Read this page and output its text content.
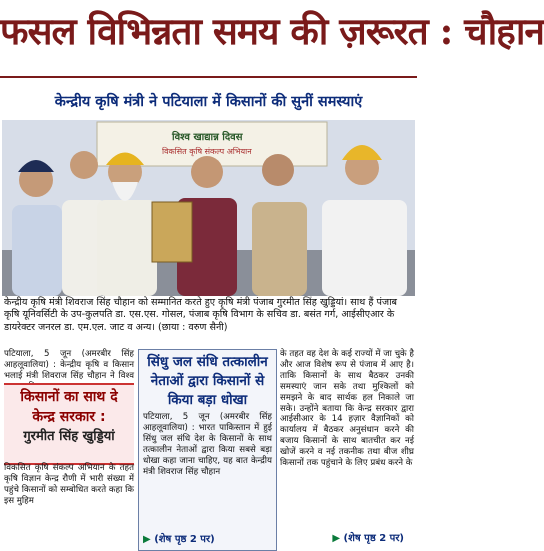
फसल विभिन्नता समय की ज़रूरत : चौहान
केन्द्रीय कृषि मंत्री ने पटियाला में किसानों की सुनीं समस्याएं
विश्व खाद्यान्न दिवस
विकसित कृषि संकल्प अभियान
केन्द्रीय कृषि मंत्री शिवराज सिंह चौहान को सम्मानित करते हुए कृषि मंत्री पंजाब गुरमीत सिंह खुड्डियां। साथ हैं पंजाब कृषि यूनिवर्सिटी के उप-कुलपति डा. एस.एस. गोसल, पंजाब कृषि विभाग के सचिव डा. बसंत गर्ग, आईसीएआर के डायरेक्टर जनरल डा. एम.एल. जाट व अन्य। (छाया : वरुण सैनी)

पटियाला, 5 जून (अमरबीर सिंह आहलूवालिया) : केन्द्रीय कृषि व किसान भलाई मंत्री शिवराज सिंह चौहान ने विश्व

किसानों का साथ दे
केन्द्र सरकार :
गुरमीत सिंह खुड्डियां

विकसित कृषि संकल्प अभियान के तहत कृषि विज्ञान केन्द्र रौणी में भारी संख्या में पहुंचे किसानों को सम्बोधित करते कहा कि इस मुहिम

सिंधु जल संधि तत्कालीन नेताओं द्वारा किसानों से किया बड़ा धोखा

पटियाला, 5 जून (अमरबीर सिंह आहलूवालिया) : भारत पाकिस्तान में हुई सिंधु जल संधि देश के किसानों के साथ तत्कालीन नेताओं द्वारा किया सबसे बड़ा धोखा कहा जाना चाहिए, यह बात केन्द्रीय मंत्री शिवराज सिंह चौहान

▶ (शेष पृष्ठ 2 पर)

के तहत वह देश के कई राज्यों में जा चुके है और आज विशेष रूप से पंजाब में आए है। ताकि किसानों के साथ बैठकर उनकी समस्याएं जान सके तथा मुश्किलों को समझने के बाद सार्थक हल निकाले जा सके। उन्होंने बताया कि केन्द्र सरकार द्वारा आईसीआर के 14 हज़ार वैज्ञानिकों को कार्यालय में बैठकर अनुसंधान करने की बजाय किसानों के साथ बातचीत कर नई खोजें करने व नई तकनीक तथा बीज शीघ्र किसानों तक पहुंचाने के लिए प्रबंध करने के

▶ (शेष पृष्ठ 2 पर)
